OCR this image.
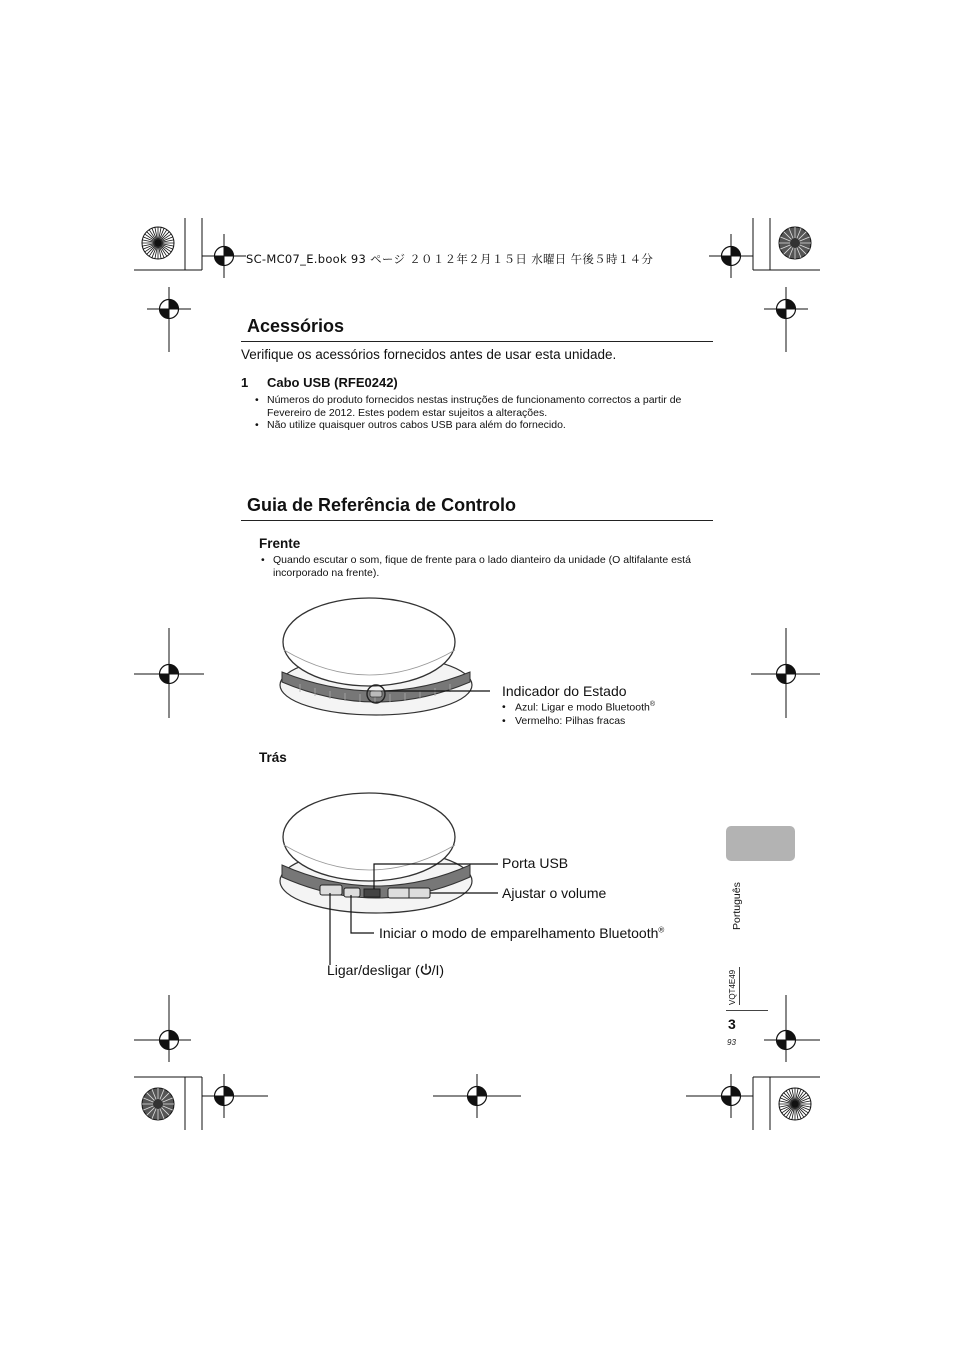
SC-MC07_E.book 93 ページ ２０１２年２月１５日 水曜日 午後５時１４分
Acessórios
Verifique os acessórios fornecidos antes de usar esta unidade.
1 Cabo USB (RFE0242)
• Números do produto fornecidos nestas instruções de funcionamento correctos a partir de Fevereiro de 2012. Estes podem estar sujeitos a alterações.
• Não utilize quaisquer outros cabos USB para além do fornecido.
Guia de Referência de Controlo
Frente
• Quando escutar o som, fique de frente para o lado dianteiro da unidade (O altifalante está incorporado na frente).
Indicador do Estado
• Azul: Ligar e modo Bluetooth®
• Vermelho: Pilhas fracas
Trás
Porta USB
Ajustar o volume
Iniciar o modo de emparelhamento Bluetooth®
Ligar/desligar ( /I)
Português
VQT4E49
3
93
